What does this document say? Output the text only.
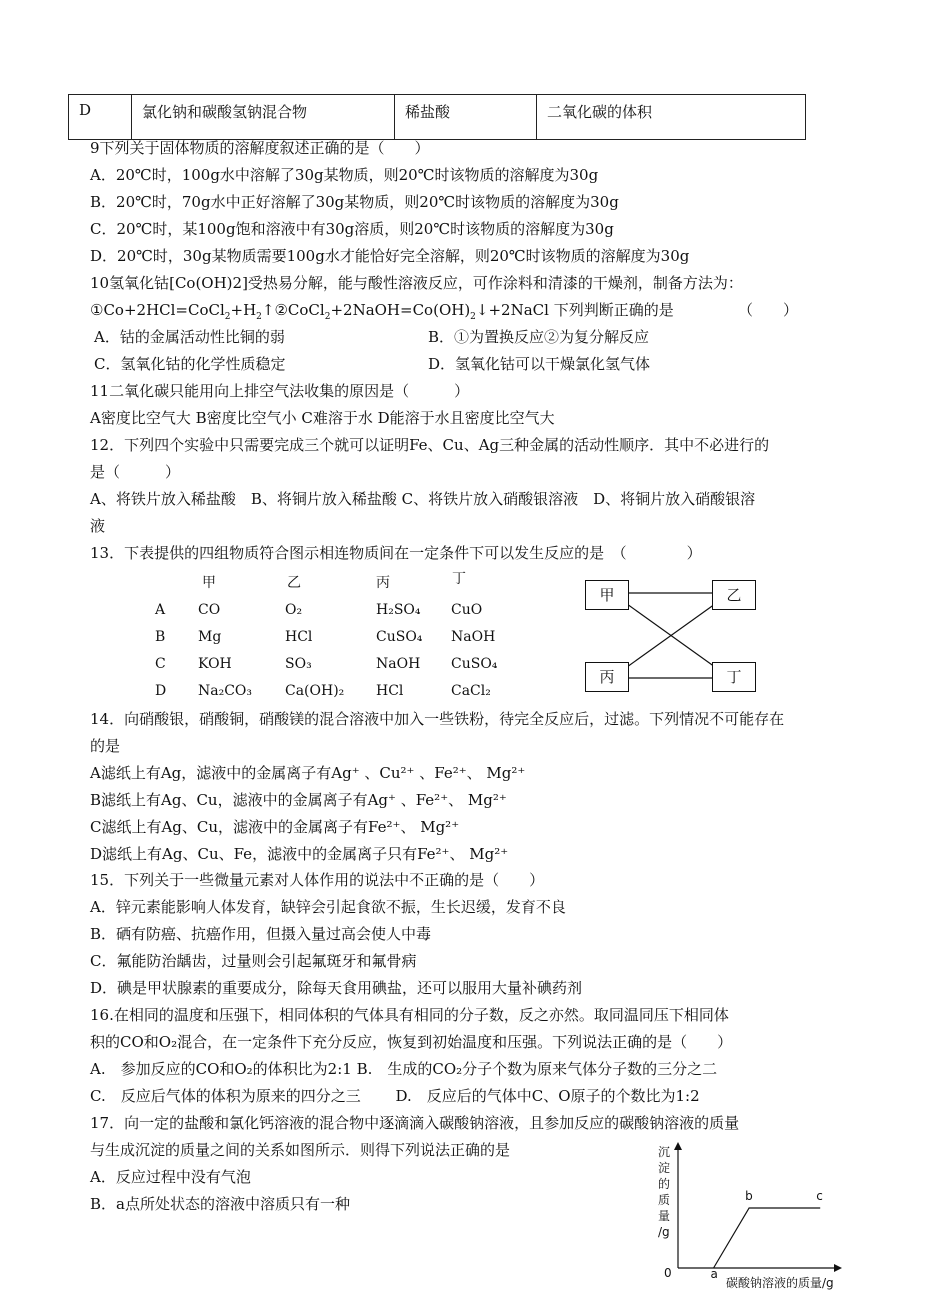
D	氯化钠和碳酸氢钠混合物	稀盐酸	二氧化碳的体积
9下列关于固体物质的溶解度叙述正确的是（　　）
A．20℃时，100g水中溶解了30g某物质，则20℃时该物质的溶解度为30g
B．20℃时，70g水中正好溶解了30g某物质，则20℃时该物质的溶解度为30g
C．20℃时，某100g饱和溶液中有30g溶质，则20℃时该物质的溶解度为30g
D．20℃时，30g某物质需要100g水才能恰好完全溶解，则20℃时该物质的溶解度为30g
10氢氧化钴[Co(OH)2]受热易分解，能与酸性溶液反应，可作涂料和清漆的干燥剂，制备方法为：
$①Co+2HCl=CoCl_2+H_2↑②CoCl_2+2NaOH=Co(OH)_2↓+2NaCl$ 下列判断正确的是	（　　）
A．钴的金属活动性比铜的弱	B．①为置换反应②为复分解反应
C．氢氧化钴的化学性质稳定	D．氢氧化钴可以干燥氯化氢气体
11二氧化碳只能用向上排空气法收集的原因是（　　　）
A密度比空气大 B密度比空气小 C难溶于水 D能溶于水且密度比空气大
12．下列四个实验中只需要完成三个就可以证明Fe、Cu、Ag三种金属的活动性顺序．其中不必进行的
是（　　　）
A、将铁片放入稀盐酸　B、将铜片放入稀盐酸 C、将铁片放入硝酸银溶液　D、将铜片放入硝酸银溶
液
13．下表提供的四组物质符合图示相连物质间在一定条件下可以发生反应的是　（　　　　）
甲	乙	丙	丁
A CO	O₂	H₂SO₄ CuO
B Mg	HCl	CuSO₄ NaOH
C KOH	SO₃	NaOH CuSO₄
D Na₂CO₃ Ca(OH)₂ HCl	CaCl₂
甲	乙
丙	丁
14．向硝酸银，硝酸铜，硝酸镁的混合溶液中加入一些铁粉，待完全反应后，过滤。下列情况不可能存在
的是
A滤纸上有Ag，滤液中的金属离子有Ag⁺ 、Cu²⁺ 、Fe²⁺、 Mg²⁺
B滤纸上有Ag、Cu，滤液中的金属离子有Ag⁺ 、Fe²⁺、 Mg²⁺
C滤纸上有Ag、Cu，滤液中的金属离子有Fe²⁺、 Mg²⁺
D滤纸上有Ag、Cu、Fe，滤液中的金属离子只有Fe²⁺、 Mg²⁺
15．下列关于一些微量元素对人体作用的说法中不正确的是（　　）
A．锌元素能影响人体发育，缺锌会引起食欲不振，生长迟缓，发育不良
B．硒有防癌、抗癌作用，但摄入量过高会使人中毒
C．氟能防治龋齿，过量则会引起氟斑牙和氟骨病
D．碘是甲状腺素的重要成分，除每天食用碘盐，还可以服用大量补碘药剂
16.在相同的温度和压强下，相同体积的气体具有相同的分子数，反之亦然。取同温同压下相同体
积的CO和O₂混合，在一定条件下充分反应，恢复到初始温度和压强。下列说法正确的是（　　）
A.　参加反应的CO和O₂的体积比为2:1 B.　生成的CO₂分子个数为原来气体分子数的三分之二
C.　反应后气体的体积为原来的四分之三　　 D.　反应后的气体中C、O原子的个数比为1:2
17．向一定的盐酸和氯化钙溶液的混合物中逐滴滴入碳酸钠溶液，且参加反应的碳酸钠溶液的质量
与生成沉淀的质量之间的关系如图所示．则得下列说法正确的是
A．反应过程中没有气泡
B．a点所处状态的溶液中溶质只有一种
沉
淀
的
质
量
/g
0	a
b	c
碳酸钠溶液的质量/g
